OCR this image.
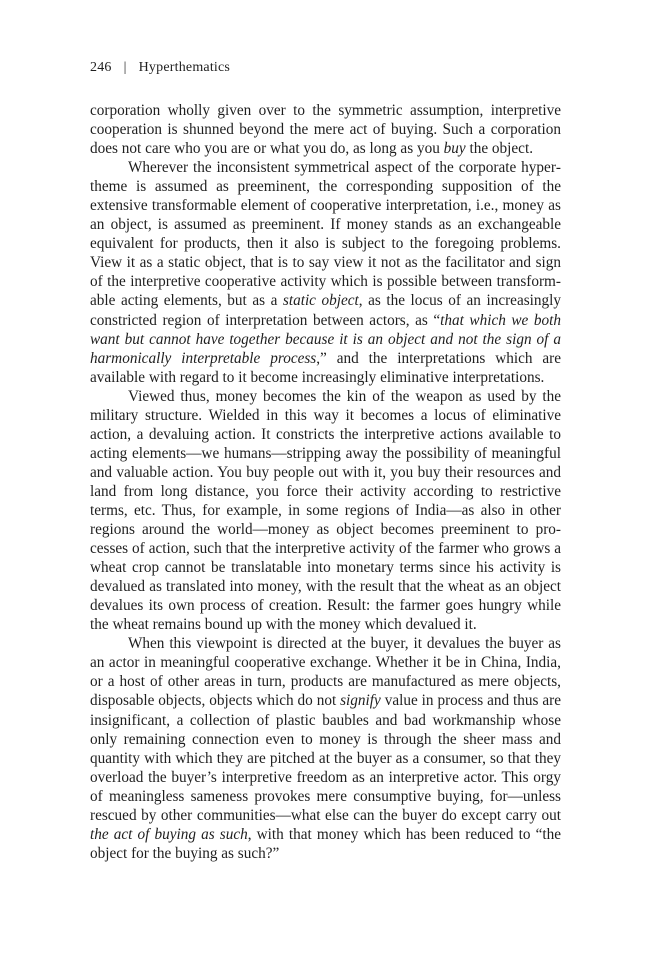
246 | Hyperthematics

corporation wholly given over to the symmetric assumption, interpretive cooperation is shunned beyond the mere act of buying. Such a corporation does not care who you are or what you do, as long as you buy the object.

Wherever the inconsistent symmetrical aspect of the corporate hypertheme is assumed as preeminent, the corresponding supposition of the extensive transformable element of cooperative interpretation, i.e., money as an object, is assumed as preeminent. If money stands as an exchangeable equivalent for products, then it also is subject to the foregoing problems. View it as a static object, that is to say view it not as the facilitator and sign of the interpretive cooperative activity which is possible between transformable acting elements, but as a static object, as the locus of an increasingly constricted region of interpretation between actors, as “that which we both want but cannot have together because it is an object and not the sign of a harmonically interpretable process,” and the interpretations which are available with regard to it become increasingly eliminative interpretations.

Viewed thus, money becomes the kin of the weapon as used by the military structure. Wielded in this way it becomes a locus of eliminative action, a devaluing action. It constricts the interpretive actions available to acting elements—we humans—stripping away the possibility of meaningful and valuable action. You buy people out with it, you buy their resources and land from long distance, you force their activity according to restrictive terms, etc. Thus, for example, in some regions of India—as also in other regions around the world—money as object becomes preeminent to processes of action, such that the interpretive activity of the farmer who grows a wheat crop cannot be translatable into monetary terms since his activity is devalued as translated into money, with the result that the wheat as an object devalues its own process of creation. Result: the farmer goes hungry while the wheat remains bound up with the money which devalued it.

When this viewpoint is directed at the buyer, it devalues the buyer as an actor in meaningful cooperative exchange. Whether it be in China, India, or a host of other areas in turn, products are manufactured as mere objects, disposable objects, objects which do not signify value in process and thus are insignificant, a collection of plastic baubles and bad workmanship whose only remaining connection even to money is through the sheer mass and quantity with which they are pitched at the buyer as a consumer, so that they overload the buyer’s interpretive freedom as an interpretive actor. This orgy of meaningless sameness provokes mere consumptive buying, for—unless rescued by other communities—what else can the buyer do except carry out the act of buying as such, with that money which has been reduced to “the object for the buying as such?”
